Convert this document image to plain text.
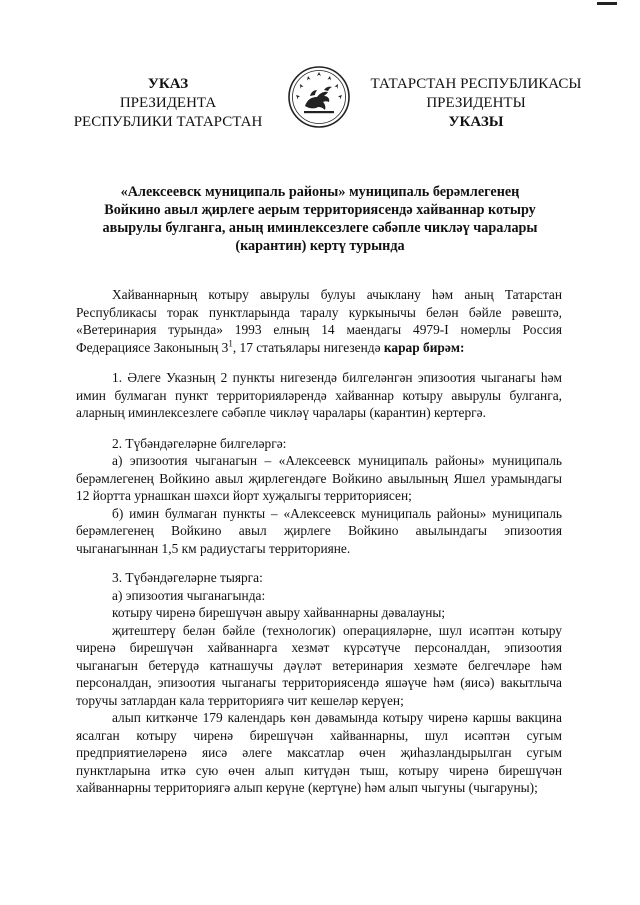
УКАЗ
ПРЕЗИДЕНТА
РЕСПУБЛИКИ ТАТАРСТАН
ТАТАРСТАН РЕСПУБЛИКАСЫ
ПРЕЗИДЕНТЫ
УКАЗЫ
«Алексеевск муниципаль районы» муниципаль берәмлегенең
Войкино авыл җирлеге аерым территориясендә хайваннар котыру
авырулы булганга, аның иминлексезлеге сәбәпле чикләү чаралары
(карантин) кертү турында

Хайваннарның котыру авырулы булуы ачыклану һәм аның Татарстан Республикасы торак пунктларында таралу куркынычы белән бәйле рәвештә, «Ветеринария турында» 1993 елның 14 маендагы 4979-I номерлы Россия Федерациясе Законының $3^1$, 17 статьялары нигезендә карар бирәм:

1. Әлеге Указның 2 пункты нигезендә билгеләнгән эпизоотия чыганагы һәм имин булмаган пункт территорияләрендә хайваннар котыру авырулы булганга, аларның иминлексезлеге сәбәпле чикләү чаралары (карантин) кертергә.

2. Түбәндәгеләрне билгеләргә:

а) эпизоотия чыганагын – «Алексеевск муниципаль районы» муниципаль берәмлегенең Войкино авыл җирлегендәге Войкино авылының Яшел урамындагы 12 йортта урнашкан шәхси йорт хуҗалыгы территориясен;

б) имин булмаган пункты – «Алексеевск муниципаль районы» муниципаль берәмлегенең Войкино авыл җирлеге Войкино авылындагы эпизоотия чыганагыннан 1,5 км радиустагы территорияне.

3. Түбәндәгеләрне тыярга:

а) эпизоотия чыганагында:

котыру чиренә бирешүчән авыру хайваннарны дәвалауны;

җитештерү белән бәйле (технологик) операцияләрне, шул исәптән котыру чиренә бирешүчән хайваннарга хезмәт күрсәтүче персоналдан, эпизоотия чыганагын бетерүдә катнашучы дәүләт ветеринария хезмәте белгечләре һәм персоналдан, эпизоотия чыганагы территориясендә яшәүче һәм (яисә) вакытлыча торучы затлардан кала территориягә чит кешеләр керүен;

алып киткәнче 179 календарь көн дәвамында котыру чиренә каршы вакцина ясалган котыру чиренә бирешүчән хайваннарны, шул исәптән сугым предприятиеләренә яисә әлеге максатлар өчен җиһазландырылган сугым пунктларына иткә сую өчен алып китүдән тыш, котыру чиренә бирешүчән хайваннарны территориягә алып керүне (кертүне) һәм алып чыгуны (чыгаруны);
